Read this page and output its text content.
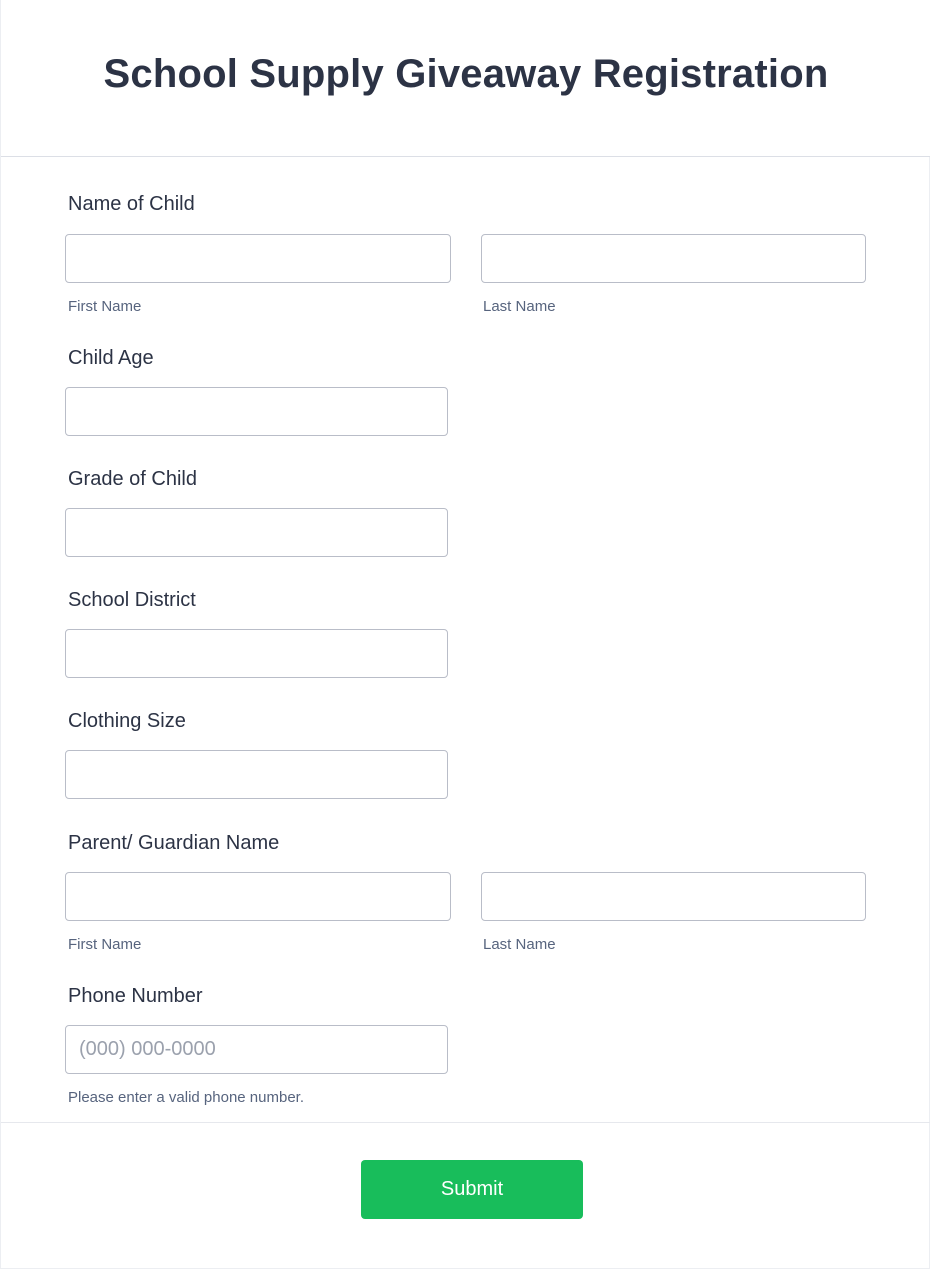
School Supply Giveaway Registration
Name of Child
First Name	Last Name
Child Age
Grade of Child
School District
Clothing Size
Parent/ Guardian Name
First Name	Last Name
Phone Number
(000) 000-0000
Please enter a valid phone number.
Submit
